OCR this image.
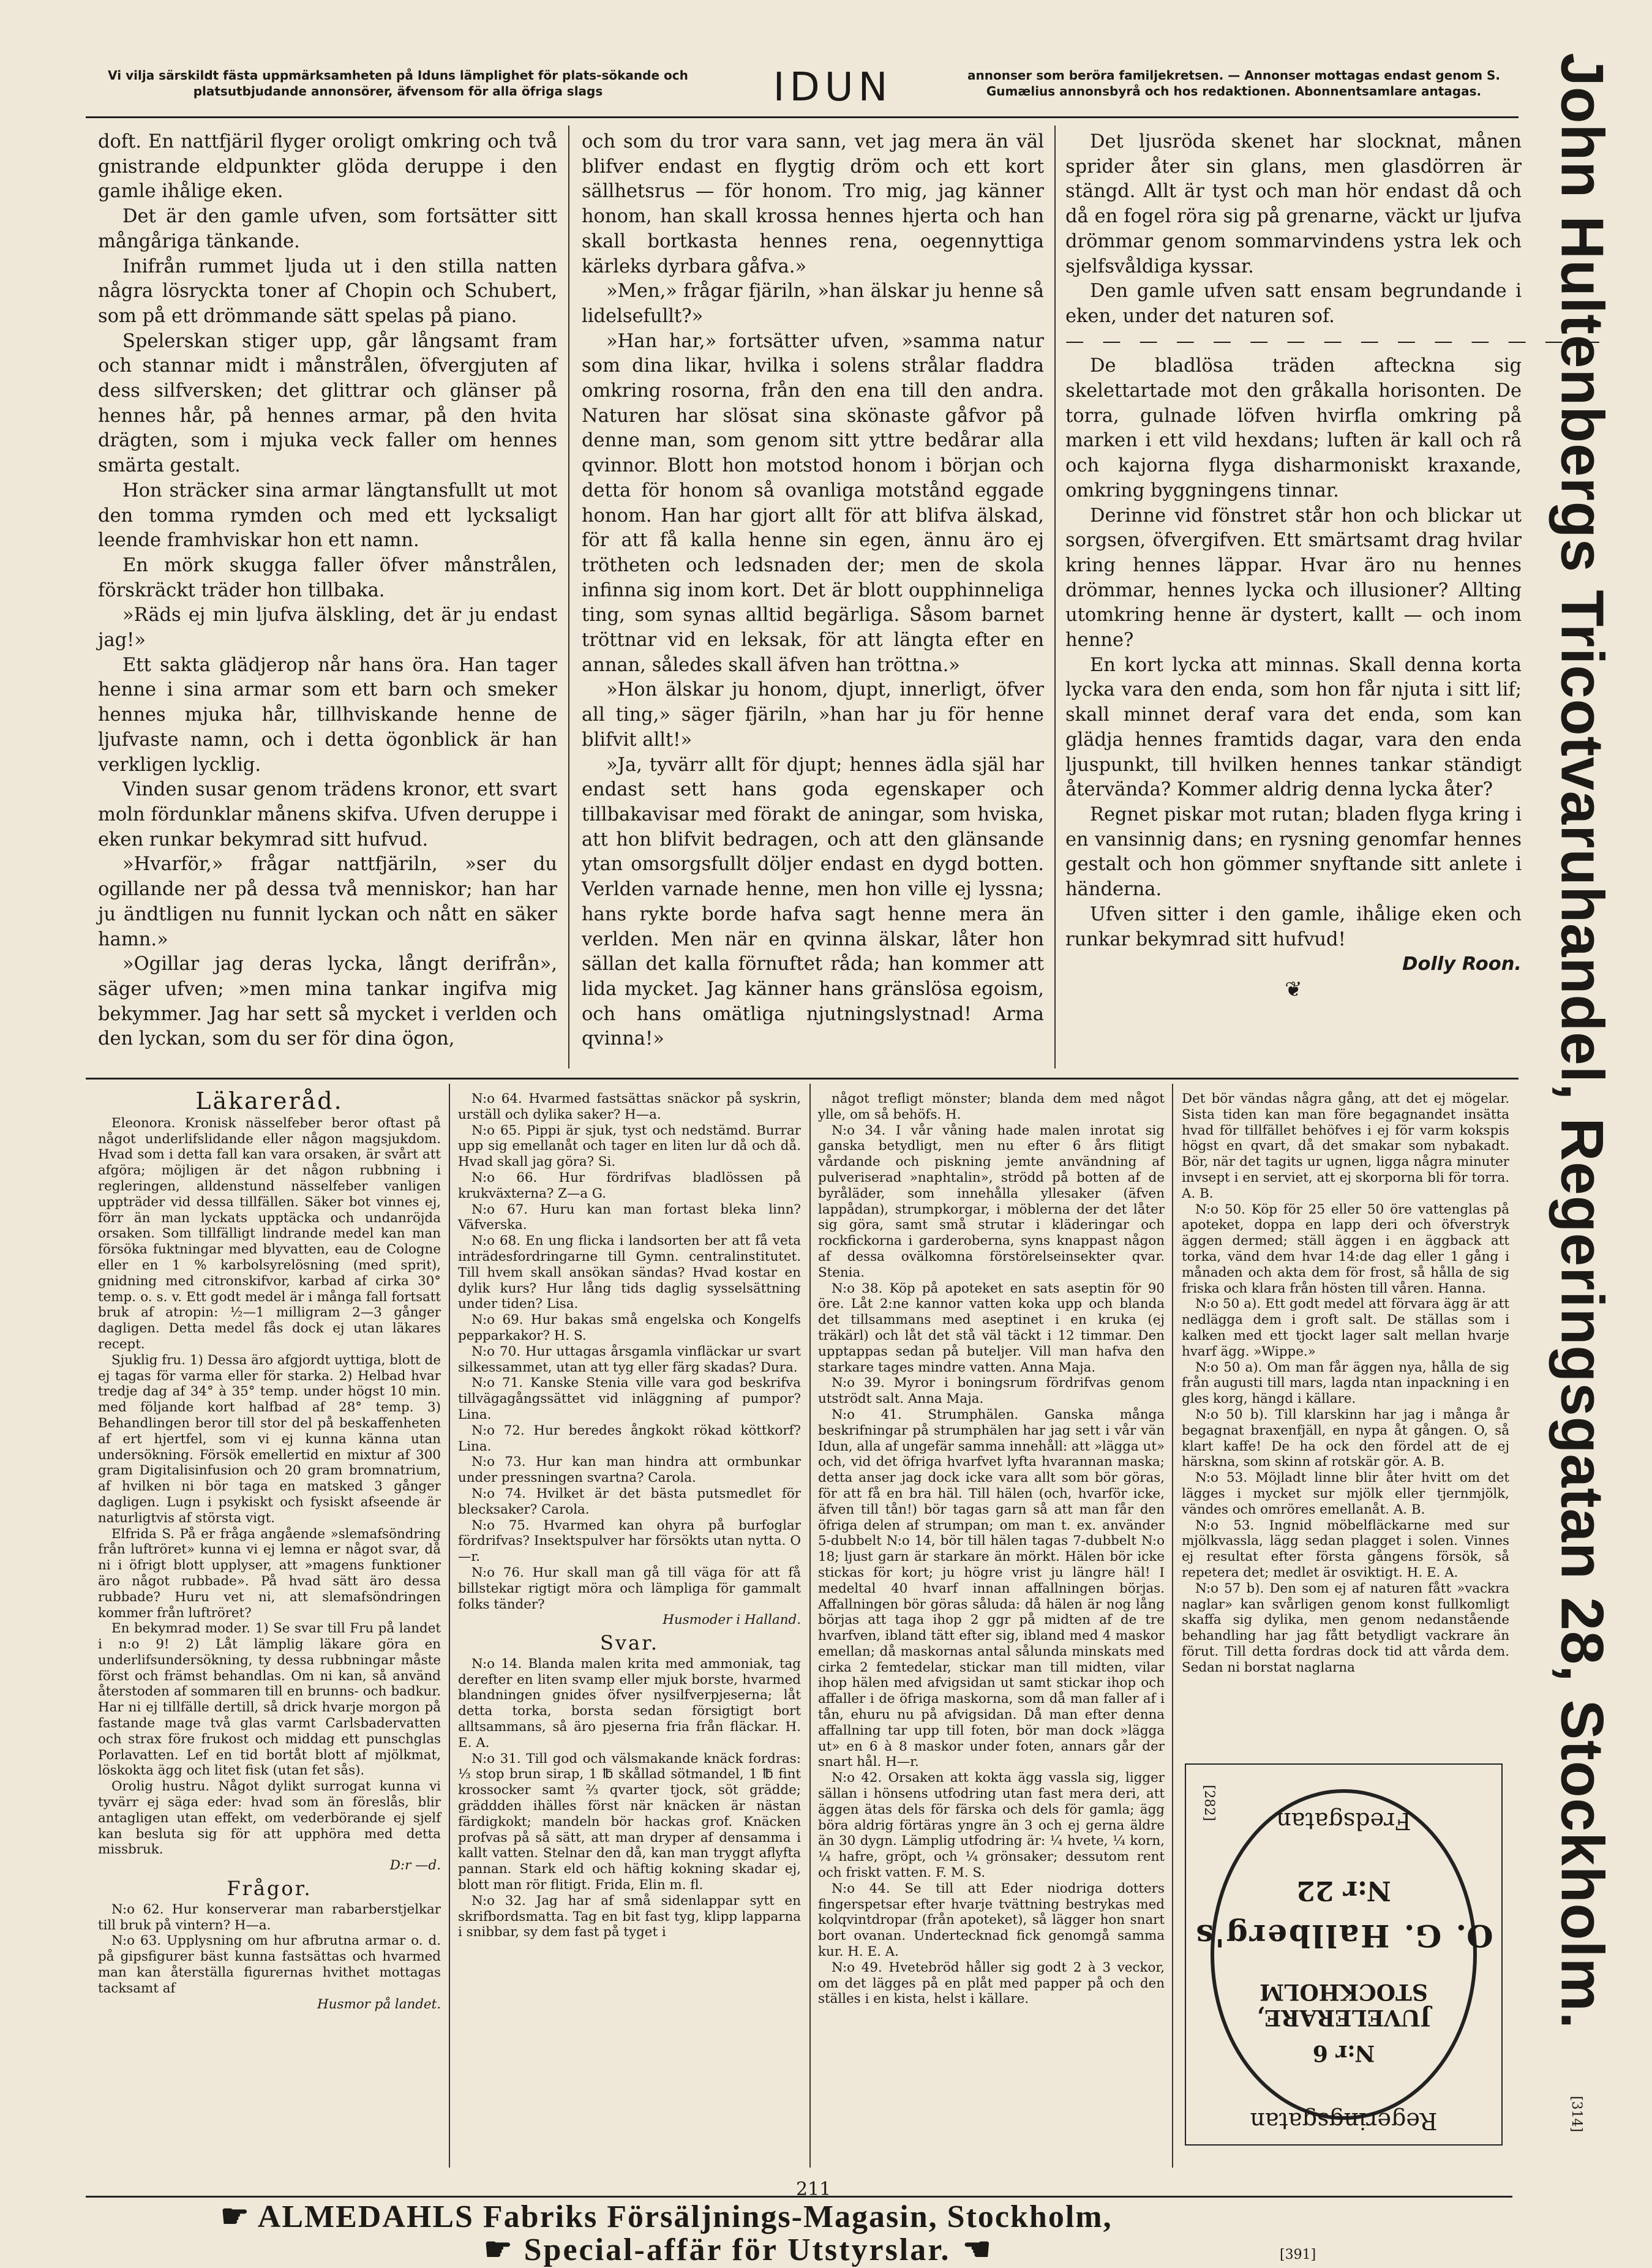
Vi vilja särskildt fästa uppmärksamheten på Iduns lämplighet för plats-sökande och platsutbjudande annonsörer, äfvensom för alla öfriga slags	IDUN	annonser som beröra familjekretsen. — Annonser mottagas endast genom S. Gumælius annonsbyrå och hos redaktionen. Abonnentsamlare antagas.

doft. En nattfjäril flyger oroligt omkring och två gnistrande eldpunkter glöda deruppe i den gamle ihålige eken.

Det är den gamle ufven, som fortsätter sitt mångåriga tänkande.

Inifrån rummet ljuda ut i den stilla natten några lösryckta toner af Chopin och Schubert, som på ett drömmande sätt spelas på piano.

Spelerskan stiger upp, går långsamt fram och stannar midt i månstrålen, öfvergjuten af dess silfversken; det glittrar och glänser på hennes hår, på hennes armar, på den hvita drägten, som i mjuka veck faller om hennes smärta gestalt.

Hon sträcker sina armar längtansfullt ut mot den tomma rymden och med ett lycksaligt leende framhviskar hon ett namn.

En mörk skugga faller öfver månstrålen, förskräckt träder hon tillbaka.

»Räds ej min ljufva älskling, det är ju endast jag!»

Ett sakta glädjerop når hans öra. Han tager henne i sina armar som ett barn och smeker hennes mjuka hår, tillhviskande henne de ljufvaste namn, och i detta ögonblick är han verkligen lycklig.

Vinden susar genom trädens kronor, ett svart moln fördunklar månens skifva. Ufven deruppe i eken runkar bekymrad sitt hufvud.

»Hvarför,» frågar nattfjäriln, »ser du ogillande ner på dessa två menniskor; han har ju ändtligen nu funnit lyckan och nått en säker hamn.»

»Ogillar jag deras lycka, långt derifrån», säger ufven; »men mina tankar ingifva mig bekymmer. Jag har sett så mycket i verlden och den lyckan, som du ser för dina ögon,

och som du tror vara sann, vet jag mera än väl blifver endast en flygtig dröm och ett kort sällhetsrus — för honom. Tro mig, jag känner honom, han skall krossa hennes hjerta och han skall bortkasta hennes rena, oegennyttiga kärleks dyrbara gåfva.»

»Men,» frågar fjäriln, »han älskar ju henne så lidelsefullt?»

»Han har,» fortsätter ufven, »samma natur som dina likar, hvilka i solens strålar fladdra omkring rosorna, från den ena till den andra. Naturen har slösat sina skönaste gåfvor på denne man, som genom sitt yttre bedårar alla qvinnor. Blott hon motstod honom i början och detta för honom så ovanliga motstånd eggade honom. Han har gjort allt för att blifva älskad, för att få kalla henne sin egen, ännu äro ej trötheten och ledsnaden der; men de skola infinna sig inom kort. Det är blott oupphinneliga ting, som synas alltid begärliga. Såsom barnet tröttnar vid en leksak, för att längta efter en annan, således skall äfven han tröttna.»

»Hon älskar ju honom, djupt, innerligt, öfver all ting,» säger fjäriln, »han har ju för henne blifvit allt!»

»Ja, tyvärr allt för djupt; hennes ädla själ har endast sett hans goda egenskaper och tillbakavisar med förakt de aningar, som hviska, att hon blifvit bedragen, och att den glänsande ytan omsorgsfullt döljer endast en dygd botten. Verlden varnade henne, men hon ville ej lyssna; hans rykte borde hafva sagt henne mera än verlden. Men när en qvinna älskar, låter hon sällan det kalla förnuftet råda; han kommer att lida mycket. Jag känner hans gränslösa egoism, och hans omätliga njutningslystnad! Arma qvinna!»

Det ljusröda skenet har slocknat, månen sprider åter sin glans, men glasdörren är stängd. Allt är tyst och man hör endast då och då en fogel röra sig på grenarne, väckt ur ljufva drömmar genom sommarvindens ystra lek och sjelfsvåldiga kyssar.

Den gamle ufven satt ensam begrundande i eken, under det naturen sof.

— — — — — — — — — — — — — — —

De bladlösa träden afteckna sig skelettartade mot den gråkalla horisonten. De torra, gulnade löfven hvirfla omkring på marken i ett vild hexdans; luften är kall och rå och kajorna flyga disharmoniskt kraxande, omkring byggningens tinnar.

Derinne vid fönstret står hon och blickar ut sorgsen, öfvergifven. Ett smärtsamt drag hvilar kring hennes läppar. Hvar äro nu hennes drömmar, hennes lycka och illusioner? Allting utomkring henne är dystert, kallt — och inom henne?

En kort lycka att minnas. Skall denna korta lycka vara den enda, som hon får njuta i sitt lif; skall minnet deraf vara det enda, som kan glädja hennes framtids dagar, vara den enda ljuspunkt, till hvilken hennes tankar ständigt återvända? Kommer aldrig denna lycka åter?

Regnet piskar mot rutan; bladen flyga kring i en vansinnig dans; en rysning genomfar hennes gestalt och hon gömmer snyftande sitt anlete i händerna.

Ufven sitter i den gamle, ihålige eken och runkar bekymrad sitt hufvud!

Dolly Roon.
❦
Läkareråd.

Eleonora. Kronisk nässelfeber beror oftast på något underlifslidande eller någon magsjukdom. Hvad som i detta fall kan vara orsaken, är svårt att afgöra; möjligen är det någon rubbning i regleringen, alldenstund nässelfeber vanligen uppträder vid dessa tillfällen. Säker bot vinnes ej, förr än man lyckats upptäcka och undanröjda orsaken. Som tillfälligt lindrande medel kan man försöka fuktningar med blyvatten, eau de Cologne eller en 1 % karbolsyrelösning (med sprit), gnidning med citronskifvor, karbad af cirka 30° temp. o. s. v. Ett godt medel är i många fall fortsatt bruk af atropin: ½—1 milligram 2—3 gånger dagligen. Detta medel fås dock ej utan läkares recept.

Sjuklig fru. 1) Dessa äro afgjordt uyttiga, blott de ej tagas för varma eller för starka. 2) Helbad hvar tredje dag af 34° à 35° temp. under högst 10 min. med följande kort halfbad af 28° temp. 3) Behandlingen beror till stor del på beskaffenheten af ert hjertfel, som vi ej kunna känna utan undersökning. Försök emellertid en mixtur af 300 gram Digitalisinfusion och 20 gram bromnatrium, af hvilken ni bör taga en matsked 3 gånger dagligen. Lugn i psykiskt och fysiskt afseende är naturligtvis af största vigt.

Elfrida S. På er fråga angående »slemafsöndring från luftröret» kunna vi ej lemna er något svar, då ni i öfrigt blott upplyser, att »magens funktioner äro något rubbade». På hvad sätt äro dessa rubbade? Huru vet ni, att slemafsöndringen kommer från luftröret?

En bekymrad moder. 1) Se svar till Fru på landet i n:o 9! 2) Låt lämplig läkare göra en underlifsundersökning, ty dessa rubbningar måste först och främst behandlas. Om ni kan, så använd återstoden af sommaren till en brunns- och badkur. Har ni ej tillfälle dertill, så drick hvarje morgon på fastande mage två glas varmt Carlsbadervatten och strax före frukost och middag ett punschglas Porlavatten. Lef en tid bortåt blott af mjölkmat, löskokta ägg och litet fisk (utan fet sås).

Orolig hustru. Något dylikt surrogat kunna vi tyvärr ej säga eder: hvad som än föreslås, blir antagligen utan effekt, om vederbörande ej sjelf kan besluta sig för att upphöra med detta missbruk.

D:r —d.
Frågor.

N:o 62. Hur konserverar man rabarberstjelkar till bruk på vintern? H—a.

N:o 63. Upplysning om hur afbrutna armar o. d. på gipsfigurer bäst kunna fastsättas och hvarmed man kan återställa figurernas hvithet mottagas tacksamt af

Husmor på landet.

N:o 64. Hvarmed fastsättas snäckor på syskrin, urställ och dylika saker? H—a.

N:o 65. Pippi är sjuk, tyst och nedstämd. Burrar upp sig emellanåt och tager en liten lur då och då. Hvad skall jag göra? Si.

N:o 66. Hur fördrifvas bladlössen på krukväxterna? Z—a G.

N:o 67. Huru kan man fortast bleka linn? Väfverska.

N:o 68. En ung flicka i landsorten ber att få veta inträdesfordringarne till Gymn. centralinstitutet. Till hvem skall ansökan sändas? Hvad kostar en dylik kurs? Hur lång tids daglig sysselsättning under tiden? Lisa.

N:o 69. Hur bakas små engelska och Kongelfs pepparkakor? H. S.

N:o 70. Hur uttagas årsgamla vinfläckar ur svart silkessammet, utan att tyg eller färg skadas? Dura.

N:o 71. Kanske Stenia ville vara god beskrifva tillvägagångssättet vid inläggning af pumpor? Lina.

N:o 72. Hur beredes ångkokt rökad köttkorf? Lina.

N:o 73. Hur kan man hindra att ormbunkar under pressningen svartna? Carola.

N:o 74. Hvilket är det bästa putsmedlet för blecksaker? Carola.

N:o 75. Hvarmed kan ohyra på burfoglar fördrifvas? Insektspulver har försökts utan nytta. O—r.

N:o 76. Hur skall man gå till väga för att få billstekar rigtigt möra och lämpliga för gammalt folks tänder?

Husmoder i Halland.
Svar.

N:o 14. Blanda malen krita med ammoniak, tag derefter en liten svamp eller mjuk borste, hvarmed blandningen gnides öfver nysilfverpjeserna; låt detta torka, borsta sedan försigtigt bort alltsammans, så äro pjeserna fria från fläckar. H. E. A.

N:o 31. Till god och välsmakande knäck fordras: ⅓ stop brun sirap, 1 ℔ skållad sötmandel, 1 ℔ fint krossocker samt ⅔ qvarter tjock, söt grädde; gräddden ihälles först när knäcken är nästan färdigkokt; mandeln bör hackas grof. Knäcken profvas på så sätt, att man dryper af densamma i kallt vatten. Stelnar den då, kan man tryggt aflyfta pannan. Stark eld och häftig kokning skadar ej, blott man rör flitigt. Frida, Elin m. fl.

N:o 32. Jag har af små sidenlappar sytt en skrifbordsmatta. Tag en bit fast tyg, klipp lapparna i snibbar, sy dem fast på tyget i

något trefligt mönster; blanda dem med något ylle, om så behöfs. H.

N:o 34. I vår våning hade malen inrotat sig ganska betydligt, men nu efter 6 års flitigt vårdande och piskning jemte användning af pulveriserad »naphtalin», strödd på botten af de byråläder, som innehålla yllesaker (äfven lappådan), strumpkorgar, i möblerna der det låter sig göra, samt små strutar i kläderingar och rockfickorna i garderoberna, syns knappast någon af dessa ovälkomna förstörelseinsekter qvar. Stenia.

N:o 38. Köp på apoteket en sats aseptin för 90 öre. Låt 2:ne kannor vatten koka upp och blanda det tillsammans med aseptinet i en kruka (ej träkärl) och låt det stå väl täckt i 12 timmar. Den upptappas sedan på buteljer. Vill man hafva den starkare tages mindre vatten. Anna Maja.

N:o 39. Myror i boningsrum fördrifvas genom utströdt salt. Anna Maja.

N:o 41. Strumphälen. Ganska många beskrifningar på strumphälen har jag sett i vår vän Idun, alla af ungefär samma innehåll: att »lägga ut» och, vid det öfriga hvarfvet lyfta hvarannan maska; detta anser jag dock icke vara allt som bör göras, för att få en bra häl. Till hälen (och, hvarför icke, äfven till tån!) bör tagas garn så att man får den öfriga delen af strumpan; om man t. ex. använder 5-dubbelt N:o 14, bör till hälen tagas 7-dubbelt N:o 18; ljust garn är starkare än mörkt. Hälen bör icke stickas för kort; ju högre vrist ju längre häl! I medeltal 40 hvarf innan affallningen börjas. Affallningen bör göras såluda: då hälen är nog lång börjas att taga ihop 2 ggr på midten af de tre hvarfven, ibland tätt efter sig, ibland med 4 maskor emellan; då maskornas antal sålunda minskats med cirka 2 femtedelar, stickar man till midten, vilar ihop hälen med afvigsidan ut samt stickar ihop och affaller i de öfriga maskorna, som då man faller af i tån, ehuru nu på afvigsidan. Då man efter denna affallning tar upp till foten, bör man dock »lägga ut» en 6 à 8 maskor under foten, annars går der snart hål. H—r.

N:o 42. Orsaken att kokta ägg vassla sig, ligger sällan i hönsens utfodring utan fast mera deri, att äggen ätas dels för färska och dels för gamla; ägg böra aldrig förtäras yngre än 3 och ej gerna äldre än 30 dygn. Lämplig utfodring är: ¼ hvete, ¼ korn, ¼ hafre, gröpt, och ¼ grönsaker; dessutom rent och friskt vatten. F. M. S.

N:o 44. Se till att Eder niodriga dotters fingerspetsar efter hvarje tvättning bestrykas med kolqvintdropar (från apoteket), så lägger hon snart bort ovanan. Undertecknad fick genomgå samma kur. H. E. A.

N:o 49. Hvetebröd håller sig godt 2 à 3 veckor, om det lägges på en plåt med papper på och den ställes i en kista, helst i källare.

Det bör vändas några gång, att det ej mögelar. Sista tiden kan man före begagnandet insätta hvad för tillfället behöfves i ej för varm kokspis högst en qvart, då det smakar som nybakadt. Bör, när det tagits ur ugnen, ligga några minuter invsept i en serviet, att ej skorporna bli för torra. A. B.

N:o 50. Köp för 25 eller 50 öre vattenglas på apoteket, doppa en lapp deri och öfverstryk äggen dermed; ställ äggen i en äggback att torka, vänd dem hvar 14:de dag eller 1 gång i månaden och akta dem för frost, så hålla de sig friska och klara från hösten till våren. Hanna.

N:o 50 a). Ett godt medel att förvara ägg är att nedlägga dem i groft salt. De ställas som i kalken med ett tjockt lager salt mellan hvarje hvarf ägg. »Wippe.»

N:o 50 a). Om man får äggen nya, hålla de sig från augusti till mars, lagda ntan inpackning i en gles korg, hängd i källare.

N:o 50 b). Till klarskinn har jag i många år begagnat braxenfjäll, en nypa åt gången. O, så klart kaffe! De ha ock den fördel att de ej härskna, som skinn af rotskär gör. A. B.

N:o 53. Möjladt linne blir åter hvitt om det lägges i mycket sur mjölk eller tjernmjölk, vändes och omröres emellanåt. A. B.

N:o 53. Ingnid möbelfläckarne med sur mjölkvassla, lägg sedan plagget i solen. Vinnes ej resultat efter första gångens försök, så repetera det; medlet är osviktigt. H. E. A.

N:o 57 b). Den som ej af naturen fått »vackra naglar» kan svårligen genom konst fullkomligt skaffa sig dylika, men genom nedanstående behandling har jag fått betydligt vackrare än förut. Till detta fordras dock tid att vårda dem. Sedan ni borstat naglarna

Fredsgatan
N:r 22
O. G. Hallberg's
JUVELERARE, STOCKHOLM
N:r 6
Regeringsgatan
[282]	John Hultenbergs Tricotvaruhandel, Regeringsgatan 28, Stockholm.
[314]
211
☛ ALMEDAHLS Fabriks Försäljnings-Magasin, Stockholm,
☛ Special-affär för Utstyrslar. ☛	[391]
